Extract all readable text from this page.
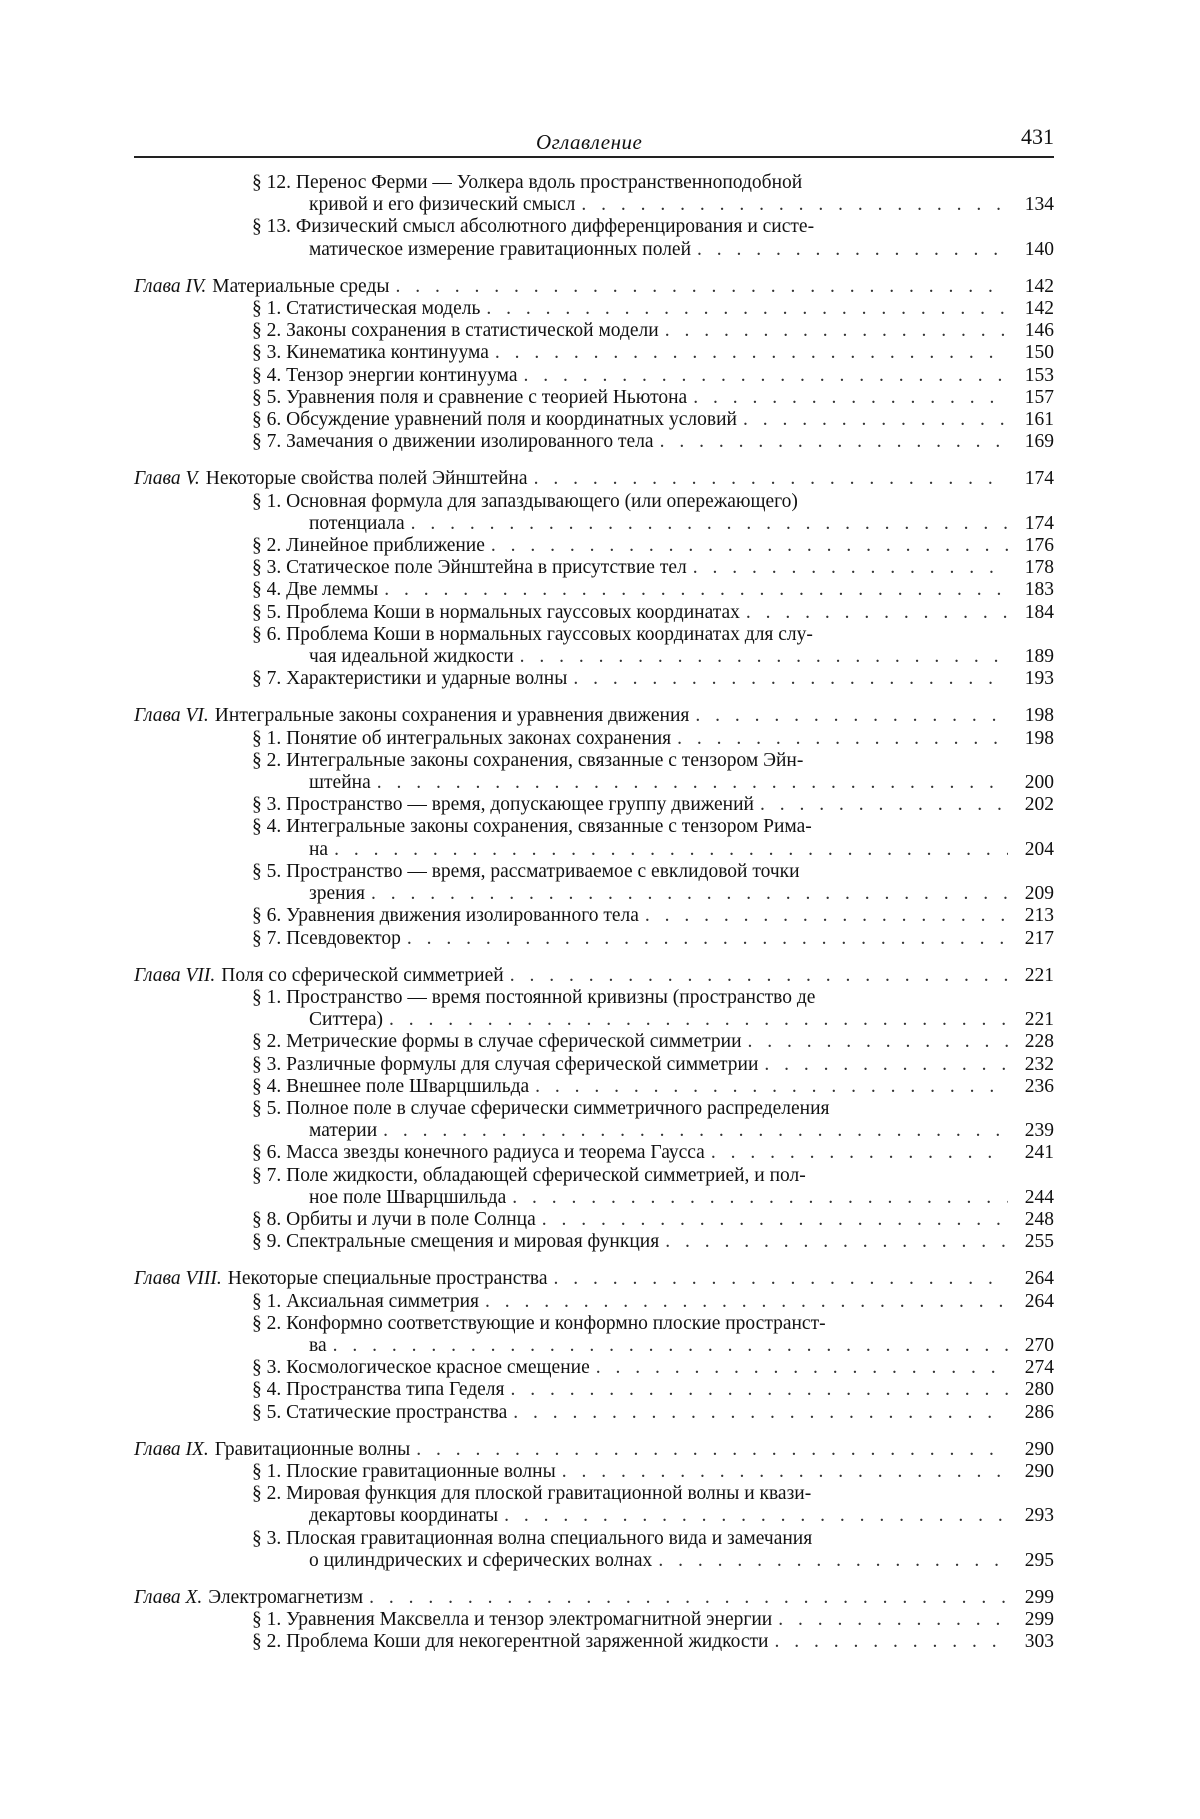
Оглавление	431
§ 12. Перенос Ферми — Уолкера вдоль пространственноподобной
кривой и его физический смысл . . .	134
§ 13. Физический смысл абсолютного дифференцирования и систе-
матическое измерение гравитационных полей . . .	140
Глава IV. Материальные среды . . .	142
§ 1. Статистическая модель . . .	142
§ 2. Законы сохранения в статистической модели . . .	146
§ 3. Кинематика континуума . . .	150
§ 4. Тензор энергии континуума . . .	153
§ 5. Уравнения поля и сравнение с теорией Ньютона . . .	157
§ 6. Обсуждение уравнений поля и координатных условий . . .	161
§ 7. Замечания о движении изолированного тела . . .	169
Глава V. Некоторые свойства полей Эйнштейна . . .	174
§ 1. Основная формула для запаздывающего (или опережающего)
потенциала . . .	174
§ 2. Линейное приближение . . .	176
§ 3. Статическое поле Эйнштейна в присутствие тел . . .	178
§ 4. Две леммы . . .	183
§ 5. Проблема Коши в нормальных гауссовых координатах . . .	184
§ 6. Проблема Коши в нормальных гауссовых координатах для слу-
чая идеальной жидкости . . .	189
§ 7. Характеристики и ударные волны . . .	193
Глава VI. Интегральные законы сохранения и уравнения движения . . .	198
§ 1. Понятие об интегральных законах сохранения . . .	198
§ 2. Интегральные законы сохранения, связанные с тензором Эйн-
штейна . . .	200
§ 3. Пространство — время, допускающее группу движений . . .	202
§ 4. Интегральные законы сохранения, связанные с тензором Рима-
на . . .	204
§ 5. Пространство — время, рассматриваемое с евклидовой точки
зрения . . .	209
§ 6. Уравнения движения изолированного тела . . .	213
§ 7. Псевдовектор . . .	217
Глава VII. Поля со сферической симметрией . . .	221
§ 1. Пространство — время постоянной кривизны (пространство де
Ситтера) . . .	221
§ 2. Метрические формы в случае сферической симметрии . . .	228
§ 3. Различные формулы для случая сферической симметрии . . .	232
§ 4. Внешнее поле Шварцшильда . . .	236
§ 5. Полное поле в случае сферически симметричного распределения
материи . . .	239
§ 6. Масса звезды конечного радиуса и теорема Гаусса . . .	241
§ 7. Поле жидкости, обладающей сферической симметрией, и пол-
ное поле Шварцшильда . . .	244
§ 8. Орбиты и лучи в поле Солнца . . .	248
§ 9. Спектральные смещения и мировая функция . . .	255
Глава VIII. Некоторые специальные пространства . . .	264
§ 1. Аксиальная симметрия . . .	264
§ 2. Конформно соответствующие и конформно плоские пространст-
ва . . .	270
§ 3. Космологическое красное смещение . . .	274
§ 4. Пространства типа Геделя . . .	280
§ 5. Статические пространства . . .	286
Глава IX. Гравитационные волны . . .	290
§ 1. Плоские гравитационные волны . . .	290
§ 2. Мировая функция для плоской гравитационной волны и квази-
декартовы координаты . . .	293
§ 3. Плоская гравитационная волна специального вида и замечания
о цилиндрических и сферических волнах . . .	295
Глава X. Электромагнетизм . . .	299
§ 1. Уравнения Максвелла и тензор электромагнитной энергии . . .	299
§ 2. Проблема Коши для некогерентной заряженной жидкости . . .	303
